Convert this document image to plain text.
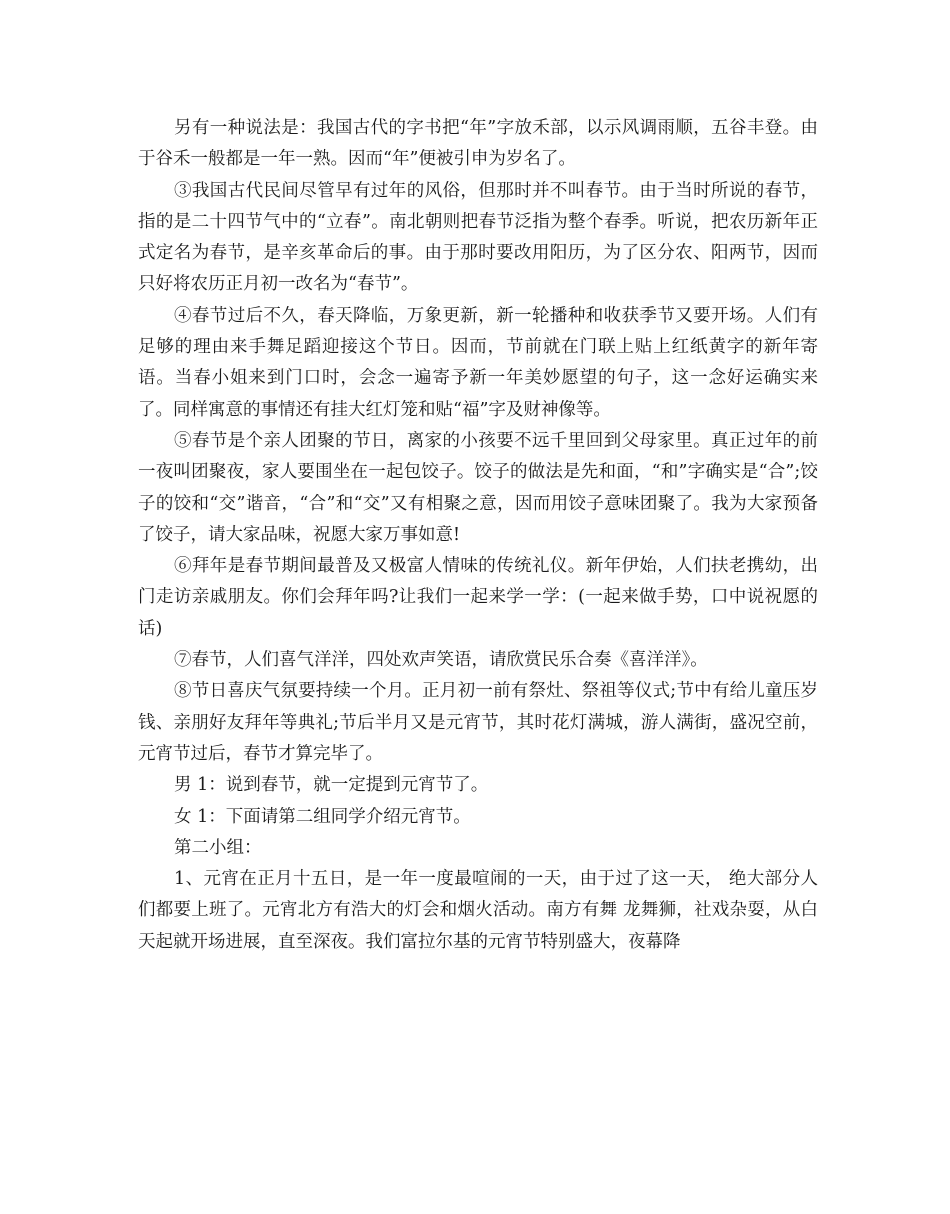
另有一种说法是：我国古代的字书把“年”字放禾部，以示风调雨顺，五谷丰登。由于谷禾一般都是一年一熟。因而“年”便被引申为岁名了。

③我国古代民间尽管早有过年的风俗，但那时并不叫春节。由于当时所说的春节，指的是二十四节气中的“立春”。南北朝则把春节泛指为整个春季。听说，把农历新年正式定名为春节，是辛亥革命后的事。由于那时要改用阳历，为了区分农、阳两节，因而只好将农历正月初一改名为“春节”。

④春节过后不久，春天降临，万象更新，新一轮播种和收获季节又要开场。人们有足够的理由来手舞足蹈迎接这个节日。因而，节前就在门联上贴上红纸黄字的新年寄语。当春小姐来到门口时，会念一遍寄予新一年美妙愿望的句子，这一念好运确实来了。同样寓意的事情还有挂大红灯笼和贴“福”字及财神像等。

⑤春节是个亲人团聚的节日，离家的小孩要不远千里回到父母家里。真正过年的前一夜叫团聚夜，家人要围坐在一起包饺子。饺子的做法是先和面，“和”字确实是“合”;饺子的饺和“交”谐音，“合”和“交”又有相聚之意，因而用饺子意味团聚了。我为大家预备了饺子，请大家品味，祝愿大家万事如意!

⑥拜年是春节期间最普及又极富人情味的传统礼仪。新年伊始，人们扶老携幼，出门走访亲戚朋友。你们会拜年吗?让我们一起来学一学：(一起来做手势，口中说祝愿的话)

⑦春节，人们喜气洋洋，四处欢声笑语，请欣赏民乐合奏《喜洋洋》。

⑧节日喜庆气氛要持续一个月。正月初一前有祭灶、祭祖等仪式;节中有给儿童压岁钱、亲朋好友拜年等典礼;节后半月又是元宵节，其时花灯满城，游人满街，盛况空前，元宵节过后，春节才算完毕了。

男 1：说到春节，就一定提到元宵节了。

女 1：下面请第二组同学介绍元宵节。

第二小组：

1、元宵在正月十五日，是一年一度最喧闹的一天，由于过了这一天， 绝大部分人们都要上班了。元宵北方有浩大的灯会和烟火活动。南方有舞 龙舞狮，社戏杂耍，从白天起就开场进展，直至深夜。我们富拉尔基的元宵节特别盛大，夜幕降
